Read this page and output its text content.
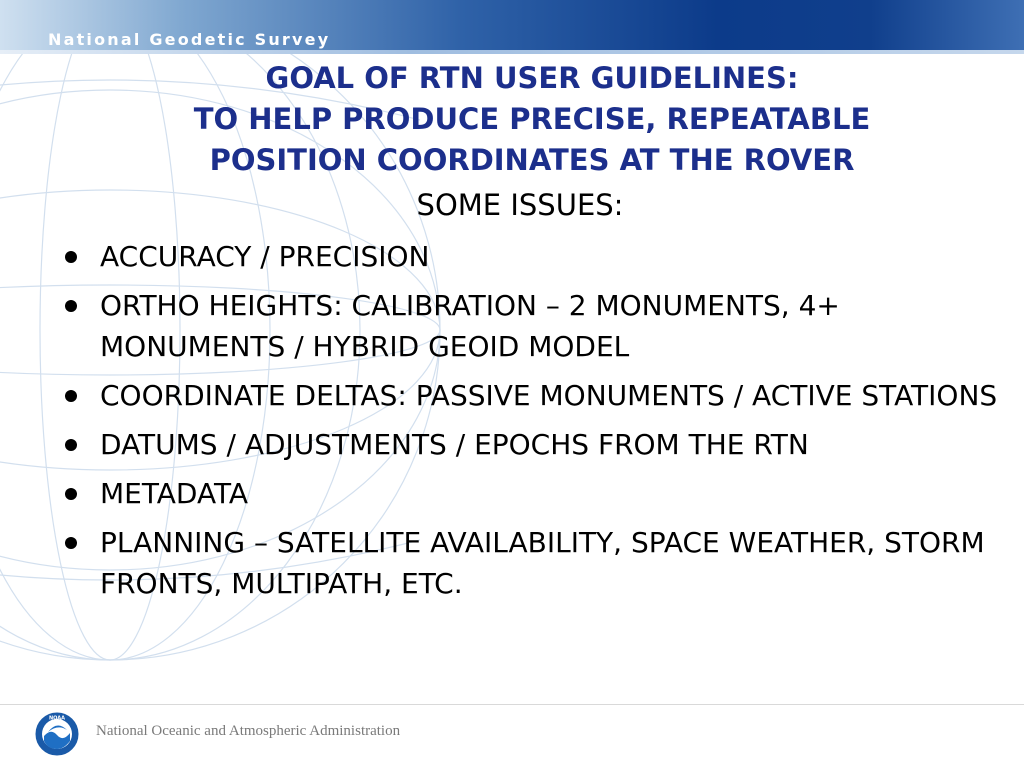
National Geodetic Survey
GOAL OF RTN USER GUIDELINES:
TO HELP PRODUCE PRECISE, REPEATABLE
POSITION COORDINATES AT THE ROVER
SOME ISSUES:
ACCURACY / PRECISION
ORTHO HEIGHTS: CALIBRATION – 2 MONUMENTS, 4+ MONUMENTS / HYBRID GEOID MODEL
COORDINATE DELTAS: PASSIVE MONUMENTS / ACTIVE STATIONS
DATUMS / ADJUSTMENTS / EPOCHS FROM THE RTN
METADATA
PLANNING – SATELLITE AVAILABILITY, SPACE WEATHER, STORM FRONTS, MULTIPATH, ETC.
NOAA
National Oceanic and Atmospheric Administration
